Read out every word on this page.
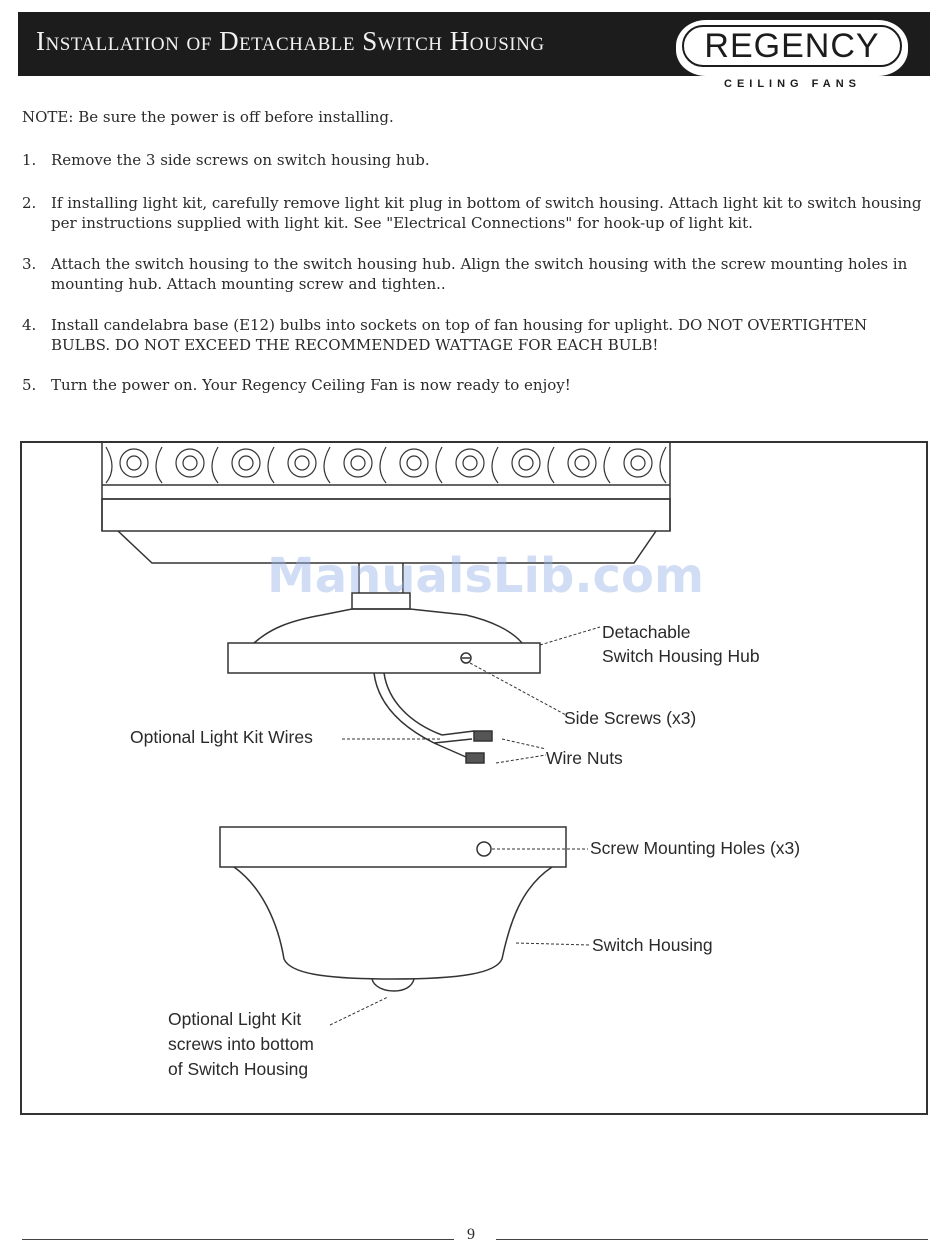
Installation of Detachable Switch Housing	REGENCY
CEILING FANS
NOTE: Be sure the power is off before installing.
1. Remove the 3 side screws on switch housing hub.
2. If installing light kit, carefully remove light kit plug in bottom of switch housing. Attach light kit to switch housing per instructions supplied with light kit. See "Electrical Connections" for hook-up of light kit.
3. Attach the switch housing to the switch housing hub. Align the switch housing with the screw mounting holes in mounting hub. Attach mounting screw and tighten..
4. Install candelabra base (E12) bulbs into sockets on top of fan housing for uplight. DO NOT OVERTIGHTEN BULBS. DO NOT EXCEED THE RECOMMENDED WATTAGE FOR EACH BULB!
5. Turn the power on. Your Regency Ceiling Fan is now ready to enjoy!
Detachable
Switch Housing Hub
Side Screws (x3)
Optional Light Kit Wires
Wire Nuts
Screw Mounting Holes (x3)
Switch Housing
Optional Light Kit
screws into bottom
of Switch Housing
ManualsLib.com
9
